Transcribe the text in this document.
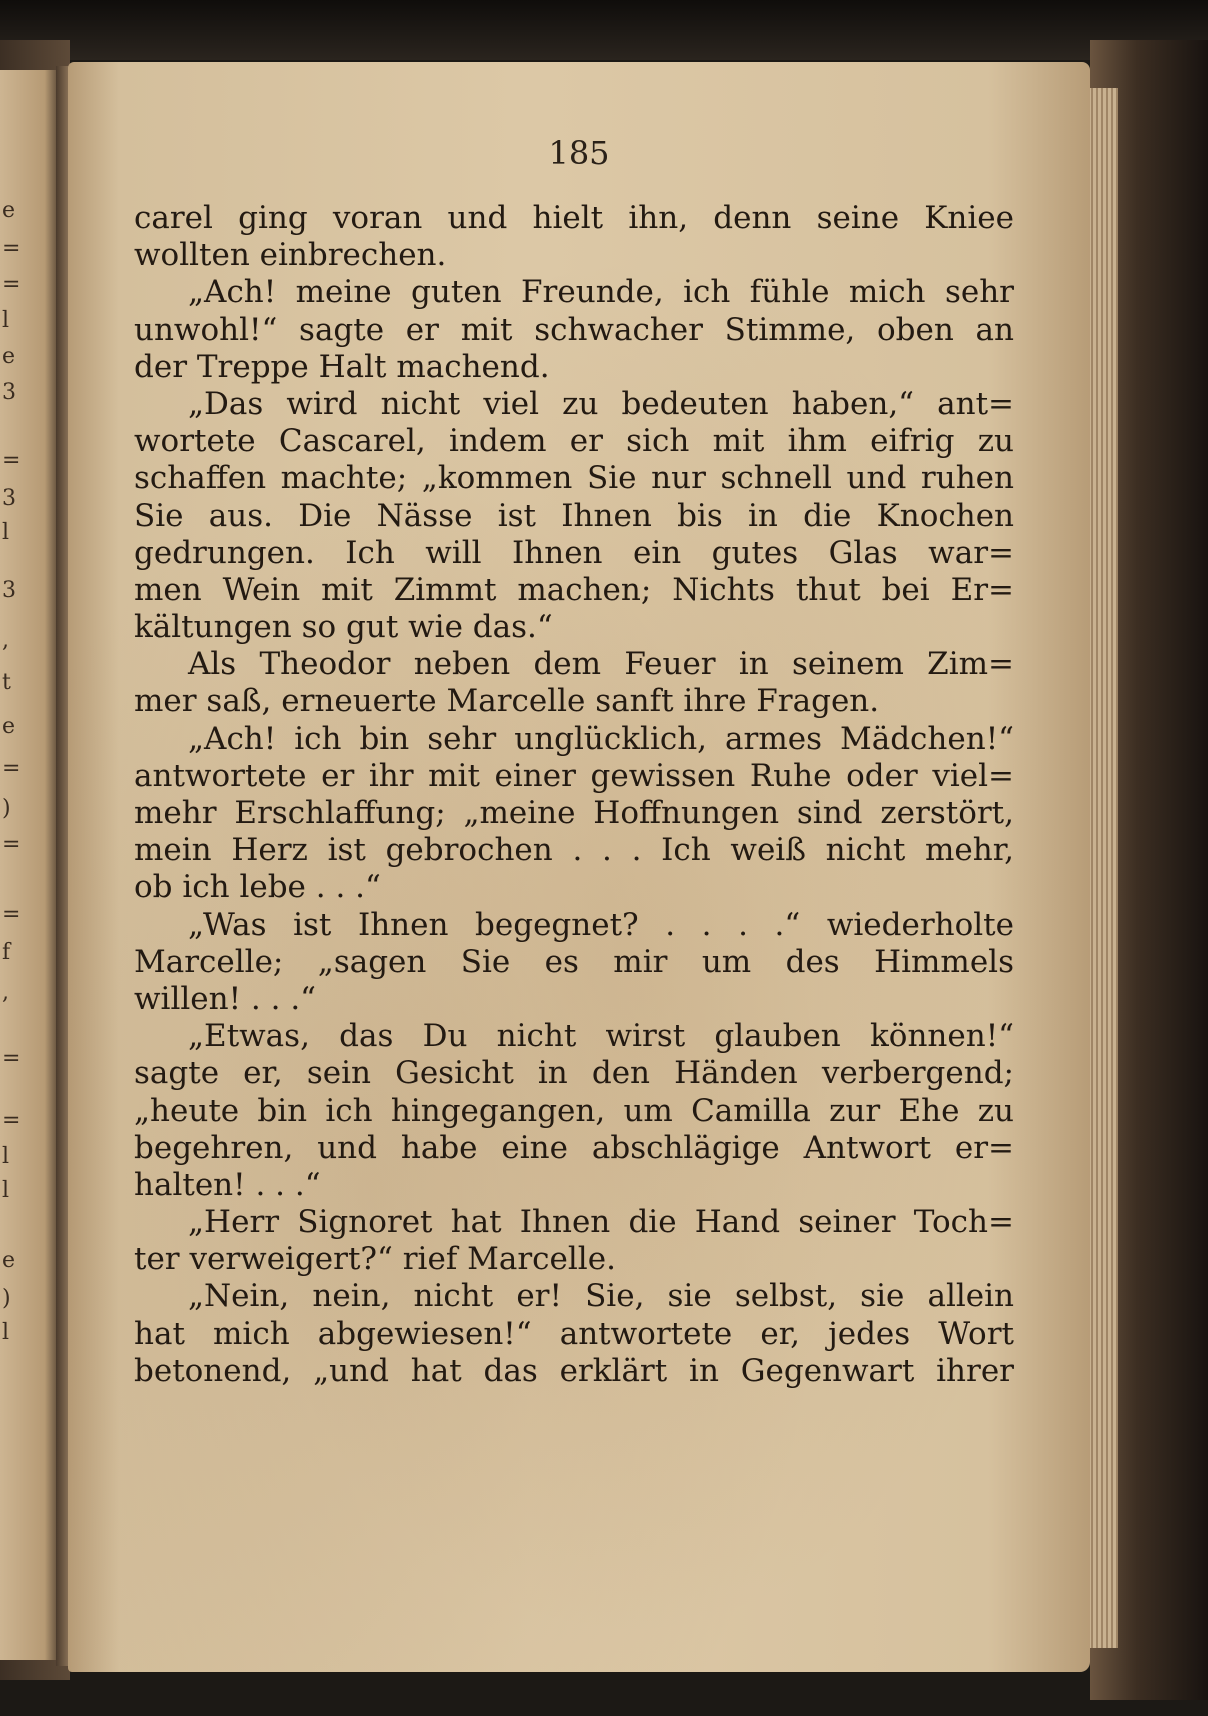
e
=
=
l
e
3
=
3
l
3
,
t
e
=
)
=
=
f
,
=
=
l
l
e
)
l
185
carel ging voran und hielt ihn, denn seine Kniee
wollten einbrechen.
„Ach! meine guten Freunde, ich fühle mich sehr
unwohl!“ sagte er mit schwacher Stimme, oben an
der Treppe Halt machend.
„Das wird nicht viel zu bedeuten haben,“ ant=
wortete Cascarel, indem er sich mit ihm eifrig zu
schaffen machte; „kommen Sie nur schnell und ruhen
Sie aus. Die Nässe ist Ihnen bis in die Knochen
gedrungen. Ich will Ihnen ein gutes Glas war=
men Wein mit Zimmt machen; Nichts thut bei Er=
kältungen so gut wie das.“
Als Theodor neben dem Feuer in seinem Zim=
mer saß, erneuerte Marcelle sanft ihre Fragen.
„Ach! ich bin sehr unglücklich, armes Mädchen!“
antwortete er ihr mit einer gewissen Ruhe oder viel=
mehr Erschlaffung; „meine Hoffnungen sind zerstört,
mein Herz ist gebrochen . . . Ich weiß nicht mehr,
ob ich lebe . . .“
„Was ist Ihnen begegnet? . . . .“ wiederholte
Marcelle; „sagen Sie es mir um des Himmels
willen! . . .“
„Etwas, das Du nicht wirst glauben können!“
sagte er, sein Gesicht in den Händen verbergend;
„heute bin ich hingegangen, um Camilla zur Ehe zu
begehren, und habe eine abschlägige Antwort er=
halten! . . .“
„Herr Signoret hat Ihnen die Hand seiner Toch=
ter verweigert?“ rief Marcelle.
„Nein, nein, nicht er! Sie, sie selbst, sie allein
hat mich abgewiesen!“ antwortete er, jedes Wort
betonend, „und hat das erklärt in Gegenwart ihrer
